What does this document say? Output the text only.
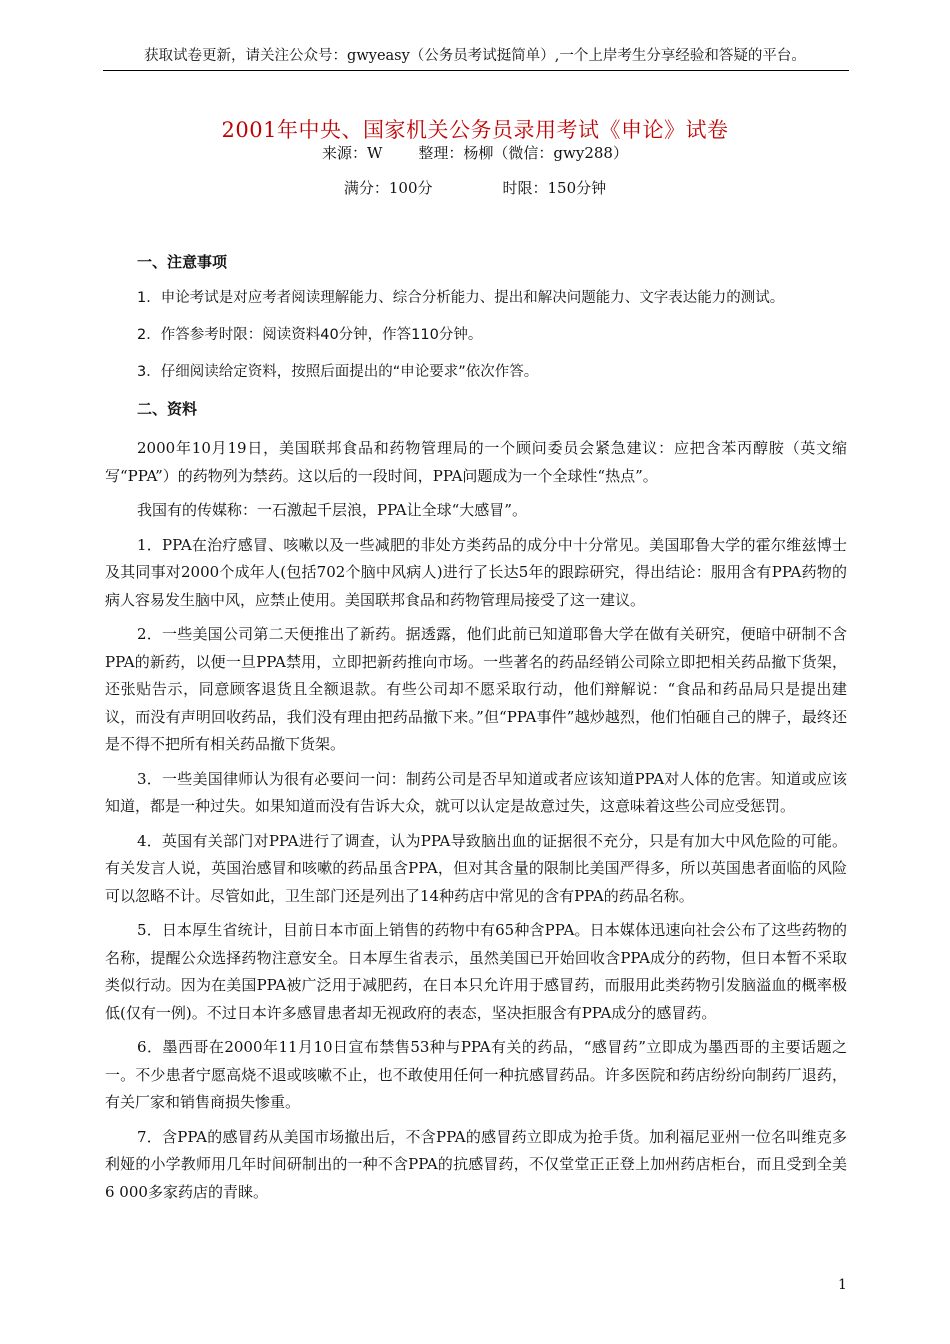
获取试卷更新，请关注公众号：gwyeasy（公务员考试挺简单）,一个上岸考生分享经验和答疑的平台。
2001年中央、国家机关公务员录用考试《申论》试卷
来源：W 整理：杨柳（微信：gwy288）
满分：100分	时限：150分钟
一、注意事项
1．申论考试是对应考者阅读理解能力、综合分析能力、提出和解决问题能力、文字表达能力的测试。
2．作答参考时限：阅读资料40分钟，作答110分钟。
3．仔细阅读给定资料，按照后面提出的“申论要求”依次作答。
二、资料

2000年10月19日，美国联邦食品和药物管理局的一个顾问委员会紧急建议：应把含苯丙醇胺（英文缩写“PPA”）的药物列为禁药。这以后的一段时间，PPA问题成为一个全球性“热点”。

我国有的传媒称：一石激起千层浪，PPA让全球“大感冒”。

1．PPA在治疗感冒、咳嗽以及一些减肥的非处方类药品的成分中十分常见。美国耶鲁大学的霍尔维兹博士及其同事对2000个成年人(包括702个脑中风病人)进行了长达5年的跟踪研究，得出结论：服用含有PPA药物的病人容易发生脑中风，应禁止使用。美国联邦食品和药物管理局接受了这一建议。

2．一些美国公司第二天便推出了新药。据透露，他们此前已知道耶鲁大学在做有关研究，便暗中研制不含PPA的新药，以便一旦PPA禁用，立即把新药推向市场。一些著名的药品经销公司除立即把相关药品撤下货架，还张贴告示，同意顾客退货且全额退款。有些公司却不愿采取行动，他们辩解说：“食品和药品局只是提出建议，而没有声明回收药品，我们没有理由把药品撤下来。”但“PPA事件”越炒越烈，他们怕砸自己的牌子，最终还是不得不把所有相关药品撤下货架。

3．一些美国律师认为很有必要问一问：制药公司是否早知道或者应该知道PPA对人体的危害。知道或应该知道，都是一种过失。如果知道而没有告诉大众，就可以认定是故意过失，这意味着这些公司应受惩罚。

4．英国有关部门对PPA进行了调查，认为PPA导致脑出血的证据很不充分，只是有加大中风危险的可能。有关发言人说，英国治感冒和咳嗽的药品虽含PPA，但对其含量的限制比美国严得多，所以英国患者面临的风险可以忽略不计。尽管如此，卫生部门还是列出了14种药店中常见的含有PPA的药品名称。

5．日本厚生省统计，目前日本市面上销售的药物中有65种含PPA。日本媒体迅速向社会公布了这些药物的名称，提醒公众选择药物注意安全。日本厚生省表示，虽然美国已开始回收含PPA成分的药物，但日本暂不采取类似行动。因为在美国PPA被广泛用于减肥药，在日本只允许用于感冒药，而服用此类药物引发脑溢血的概率极低(仅有一例)。不过日本许多感冒患者却无视政府的表态，坚决拒服含有PPA成分的感冒药。

6．墨西哥在2000年11月10日宣布禁售53种与PPA有关的药品，“感冒药”立即成为墨西哥的主要话题之一。不少患者宁愿高烧不退或咳嗽不止，也不敢使用任何一种抗感冒药品。许多医院和药店纷纷向制药厂退药，有关厂家和销售商损失惨重。

7．含PPA的感冒药从美国市场撤出后，不含PPA的感冒药立即成为抢手货。加利福尼亚州一位名叫维克多利娅的小学教师用几年时间研制出的一种不含PPA的抗感冒药，不仅堂堂正正登上加州药店柜台，而且受到全美6 000多家药店的青睐。

1
